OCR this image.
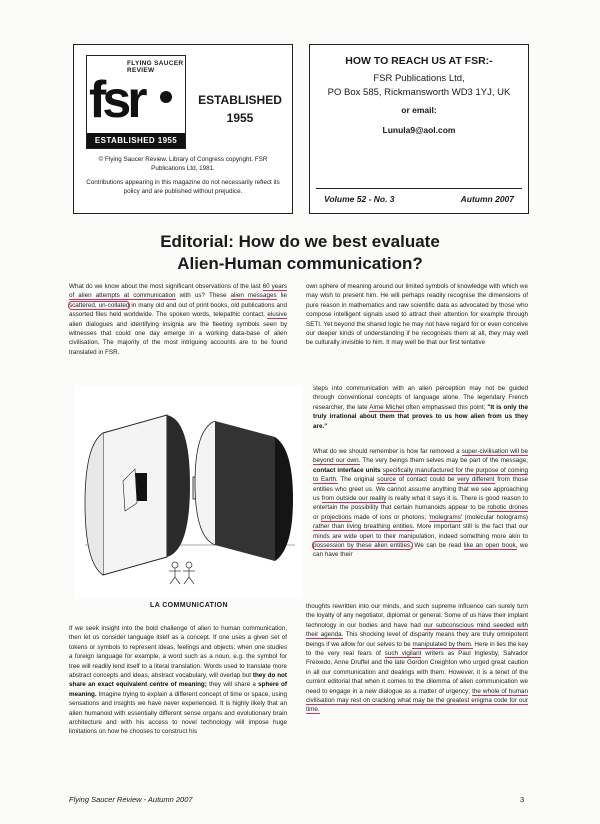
FLYING SAUCER REVIEW
fsr
ESTABLISHED 1955
ESTABLISHED
1955
© Flying Saucer Review. Library of Congress copyright. FSR Publications Ltd, 1981.
Contributions appearing in this magazine do not necessarily reflect its policy and are published without prejudice.
HOW TO REACH US AT FSR:-
FSR Publications Ltd,
PO Box 585, Rickmansworth WD3 1YJ, UK
or email:
Lunula9@aol.com
Volume 52 - No. 3	Autumn 2007
Editorial: How do we best evaluate
Alien-Human communication?

What do we know about the most significant observations of the last 60 years of alien attempts at communication with us? These alien messages lie scattered, un-collated in many old and out of print books, old publications and assorted files held worldwide. The spoken words, telepathic contact, elusive alien dialogues and identifying insignia are the fleeting symbols seen by witnesses that could one day emerge in a working data-base of alien civilisation. The majority of the most intriguing accounts are to be found translated in FSR.

LA COMMUNICATION

If we seek insight into the bold challenge of alien to human communication, then let us consider language itself as a concept. If one uses a given set of tokens or symbols to represent ideas, feelings and objects: when one studies a foreign language for example, a word such as a noun, e.g. the symbol for tree will readily lend itself to a literal translation. Words used to translate more abstract concepts and ideas, abstract vocabulary, will overlap but they do not share an exact equivalent centre of meaning; they will share a sphere of meaning. Imagine trying to explain a different concept of time or space, using sensations and insights we have never experienced. It is highly likely that an alien humanoid with essentially different sense organs and evolutionary brain architecture and with his access to novel technology will impose huge limitations on how he chooses to construct his

own sphere of meaning around our limited symbols of knowledge with which we may wish to present him. He will perhaps readily recognise the dimensions of pure reason in mathematics and raw scientific data as advocated by those who compose intelligent signals used to attract their attention for example through SETI. Yet beyond the shared logic he may not have regard for or even conceive our deeper kinds of understanding if he recognises them at all, they may well be culturally invisible to him. It may well be that our first tentative

steps into communication with an alien perception may not be guided through conventional concepts of language alone. The legendary French researcher, the late Aime Michel often emphasised this point; "It is only the truly irrational about them that proves to us how alien from us they are."

What do we should remember is how far removed a super-civilisation will be beyond our own. The very beings them selves may be part of the message, contact interface units specifically manufactured for the purpose of coming to Earth. The original source of contact could be very different from those entities who greet us. We cannot assume anything that we see approaching us from outside our reality is really what it says it is. There is good reason to entertain the possibility that certain humanoids appear to be robotic drones or projections made of ions or photons; 'molegrams' (molecular holograms) rather than living breathing entities. More important still is the fact that our minds are wide open to their manipulation, indeed something more akin to possession by these alien entities. We can be read like an open book, we can have their

thoughts rewritten into our minds, and such supreme influence can surely turn the loyalty of any negotiator, diplomat or general. Some of us have their implant technology in our bodies and have had our subconscious mind seeded with their agenda. This shocking level of disparity means they are truly omnipotent beings if we allow for our selves to be manipulated by them. Here in lies the key to the very real fears of such vigilant writers as Paul Inglesby, Salvador Freixedo, Anne Druffel and the late Gordon Creighton who urged great caution in all our communication and dealings with them. However, it is a tenet of the current editorial that when it comes to the dilemma of alien communication we need to engage in a new dialogue as a matter of urgency; the whole of human civilisation may rest on cracking what may be the greatest enigma code for our time.

Flying Saucer Review - Autumn 2007	3
